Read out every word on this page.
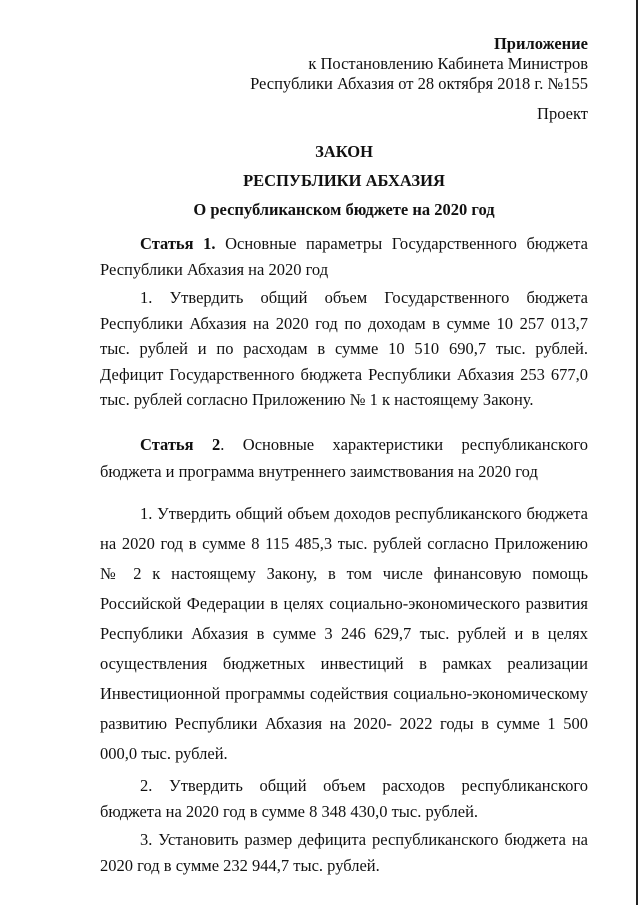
Приложение
к Постановлению Кабинета Министров
Республики Абхазия от 28 октября 2018 г. №155
Проект
ЗАКОН
РЕСПУБЛИКИ АБХАЗИЯ
О республиканском бюджете на 2020 год
Статья 1. Основные параметры Государственного бюджета Республики Абхазия на 2020 год
1. Утвердить общий объем Государственного бюджета Республики Абхазия на 2020 год по доходам в сумме 10 257 013,7 тыс. рублей и по расходам в сумме 10 510 690,7 тыс. рублей. Дефицит Государственного бюджета Республики Абхазия 253 677,0 тыс. рублей согласно Приложению № 1 к настоящему Закону.
Статья 2. Основные характеристики республиканского бюджета и программа внутреннего заимствования на 2020 год
1. Утвердить общий объем доходов республиканского бюджета на 2020 год в сумме 8 115 485,3 тыс. рублей согласно Приложению № 2 к настоящему Закону, в том числе финансовую помощь Российской Федерации в целях социально-экономического развития Республики Абхазия в сумме 3 246 629,7 тыс. рублей и в целях осуществления бюджетных инвестиций в рамках реализации Инвестиционной программы содействия социально-экономическому развитию Республики Абхазия на 2020- 2022 годы в сумме 1 500 000,0 тыс. рублей.
2. Утвердить общий объем расходов республиканского бюджета на 2020 год в сумме 8 348 430,0 тыс. рублей.
3. Установить размер дефицита республиканского бюджета на 2020 год в сумме 232 944,7 тыс. рублей.
